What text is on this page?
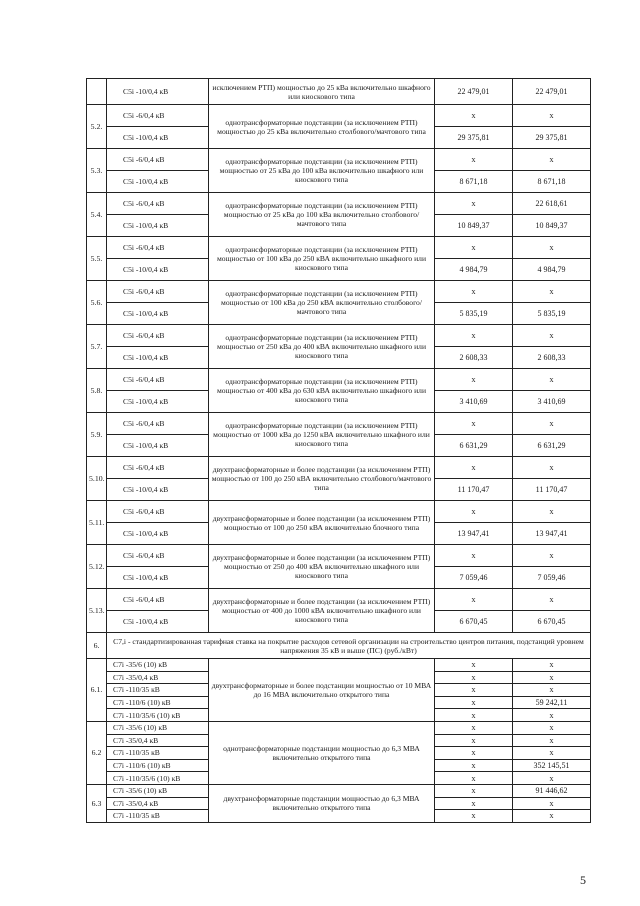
	С5i -10/0,4 кВ	исключением РТП) мощностью до 25 кВа включительно шкафного или киоскового типа	22 479,01	22 479,01
5.2.	С5i -6/0,4 кВ	однотрансформаторные подстанции (за исключением РТП) мощностью до 25 кВа включительно столбового/мачтового типа	x	x
	С5i -10/0,4 кВ		29 375,81	29 375,81
5.3.	С5i -6/0,4 кВ	однотрансформаторные подстанции (за исключением РТП) мощностью от 25 кВа до 100 кВа включительно шкафного или киоскового типа	x	x
	С5i -10/0,4 кВ		8 671,18	8 671,18
5.4.	С5i -6/0,4 кВ	однотрансформаторные подстанции (за исключением РТП) мощностью от 25 кВа до 100 кВа включительно столбового/мачтового типа	x	22 618,61
	С5i -10/0,4 кВ		10 849,37	10 849,37
5.5.	С5i -6/0,4 кВ	однотрансформаторные подстанции (за исключением РТП) мощностью от 100 кВа до 250 кВА включительно шкафного или киоскового типа	x	x
	С5i -10/0,4 кВ		4 984,79	4 984,79
5.6.	С5i -6/0,4 кВ	однотрансформаторные подстанции (за исключением РТП) мощностью от 100 кВа до 250 кВА включительно столбового/мачтового типа	x	x
	С5i -10/0,4 кВ		5 835,19	5 835,19
5.7.	С5i -6/0,4 кВ	однотрансформаторные подстанции (за исключением РТП) мощностью от 250 кВа до 400 кВА включительно шкафного или киоскового типа	x	x
	С5i -10/0,4 кВ		2 608,33	2 608,33
5.8.	С5i -6/0,4 кВ	однотрансформаторные подстанции (за исключением РТП) мощностью от 400 кВа до 630 кВА включительно шкафного или киоскового типа	x	x
	С5i -10/0,4 кВ		3 410,69	3 410,69
5.9.	С5i -6/0,4 кВ	однотрансформаторные подстанции (за исключением РТП) мощностью от 1000 кВа до 1250 кВА включительно шкафного или киоскового типа	x	x
	С5i -10/0,4 кВ		6 631,29	6 631,29
5.10.	С5i -6/0,4 кВ	двухтрансформаторные и более подстанции (за исключением РТП) мощностью от 100 до 250 кВА включительно столбового/мачтового типа	x	x
	С5i -10/0,4 кВ		11 170,47	11 170,47
5.11.	С5i -6/0,4 кВ	двухтрансформаторные и более подстанции (за исключением РТП) мощностью от 100 до 250 кВА включительно блочного типа	x	x
	С5i -10/0,4 кВ		13 947,41	13 947,41
5.12.	С5i -6/0,4 кВ	двухтрансформаторные и более подстанции (за исключением РТП) мощностью от 250 до 400 кВА включительно шкафного или киоскового типа	x	x
	С5i -10/0,4 кВ		7 059,46	7 059,46
5.13.	С5i -6/0,4 кВ	двухтрансформаторные и более подстанции (за исключением РТП) мощностью от 400 до 1000 кВА включительно шкафного или киоскового типа	x	x
	С5i -10/0,4 кВ		6 670,45	6 670,45
6.	С7,i - стандартизированная тарифная ставка на покрытие расходов сетевой организации на строительство центров питания, подстанций уровнем напряжения 35 кВ и выше (ПС) (руб./кВт)			
6.1.	С7i -35/6 (10) кВ	двухтрансформаторные и более подстанции мощностью от 10 МВА до 16 МВА включительно открытого типа	x	x
	С7i -35/0,4 кВ		x	x
	С7i -110/35 кВ		x	x
	С7i -110/6 (10) кВ		x	59 242,11
	С7i -110/35/6 (10) кВ		x	x
6.2	С7i -35/6 (10) кВ	однотрансформаторные подстанции мощностью до 6,3 МВА включительно открытого типа	x	x
	С7i -35/0,4 кВ		x	x
	С7i -110/35 кВ		x	x
	С7i -110/6 (10) кВ		x	352 145,51
	С7i -110/35/6 (10) кВ		x	x
6.3	С7i -35/6 (10) кВ	двухтрансформаторные подстанции мощностью до 6,3 МВА включительно открытого типа	x	91 446,62
	С7i -35/0,4 кВ		x	x
	С7i -110/35 кВ		x	x
5
